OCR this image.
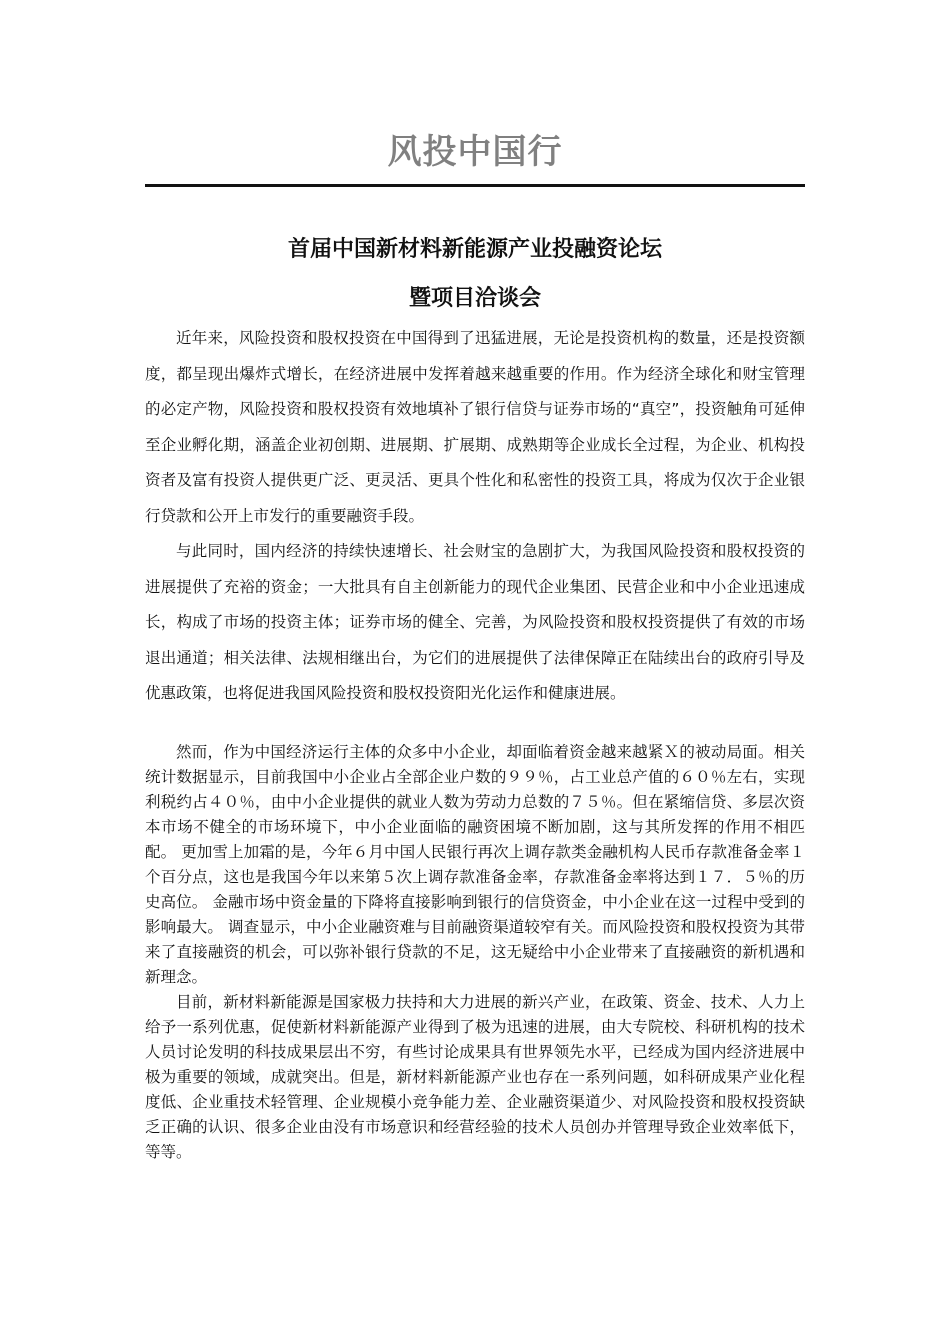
风投中国行
首届中国新材料新能源产业投融资论坛
暨项目洽谈会

近年来，风险投资和股权投资在中国得到了迅猛进展，无论是投资机构的数量，还是投资额度，都呈现出爆炸式增长，在经济进展中发挥着越来越重要的作用。作为经济全球化和财宝管理的必定产物，风险投资和股权投资有效地填补了银行信贷与证券市场的“真空”，投资触角可延伸至企业孵化期，涵盖企业初创期、进展期、扩展期、成熟期等企业成长全过程，为企业、机构投资者及富有投资人提供更广泛、更灵活、更具个性化和私密性的投资工具，将成为仅次于企业银行贷款和公开上市发行的重要融资手段。

与此同时，国内经济的持续快速增长、社会财宝的急剧扩大，为我国风险投资和股权投资的进展提供了充裕的资金；一大批具有自主创新能力的现代企业集团、民营企业和中小企业迅速成长，构成了市场的投资主体；证券市场的健全、完善，为风险投资和股权投资提供了有效的市场退出通道；相关法律、法规相继出台，为它们的进展提供了法律保障正在陆续出台的政府引导及优惠政策，也将促进我国风险投资和股权投资阳光化运作和健康进展。

然而，作为中国经济运行主体的众多中小企业，却面临着资金越来越紧Ｘ的被动局面。相关统计数据显示，目前我国中小企业占全部企业户数的９９％，占工业总产值的６０％左右，实现利税约占４０％，由中小企业提供的就业人数为劳动力总数的７５％。但在紧缩信贷、多层次资本市场不健全的市场环境下，中小企业面临的融资困境不断加剧，这与其所发挥的作用不相匹配。 更加雪上加霜的是，今年６月中国人民银行再次上调存款类金融机构人民币存款准备金率１个百分点，这也是我国今年以来第５次上调存款准备金率，存款准备金率将达到１７．５％的历史高位。 金融市场中资金量的下降将直接影响到银行的信贷资金，中小企业在这一过程中受到的影响最大。 调查显示，中小企业融资难与目前融资渠道较窄有关。而风险投资和股权投资为其带来了直接融资的机会，可以弥补银行贷款的不足，这无疑给中小企业带来了直接融资的新机遇和新理念。

目前，新材料新能源是国家极力扶持和大力进展的新兴产业，在政策、资金、技术、人力上给予一系列优惠，促使新材料新能源产业得到了极为迅速的进展，由大专院校、科研机构的技术人员讨论发明的科技成果层出不穷，有些讨论成果具有世界领先水平，已经成为国内经济进展中极为重要的领域，成就突出。但是，新材料新能源产业也存在一系列问题，如科研成果产业化程度低、企业重技术轻管理、企业规模小竞争能力差、企业融资渠道少、对风险投资和股权投资缺乏正确的认识、很多企业由没有市场意识和经营经验的技术人员创办并管理导致企业效率低下，等等。
